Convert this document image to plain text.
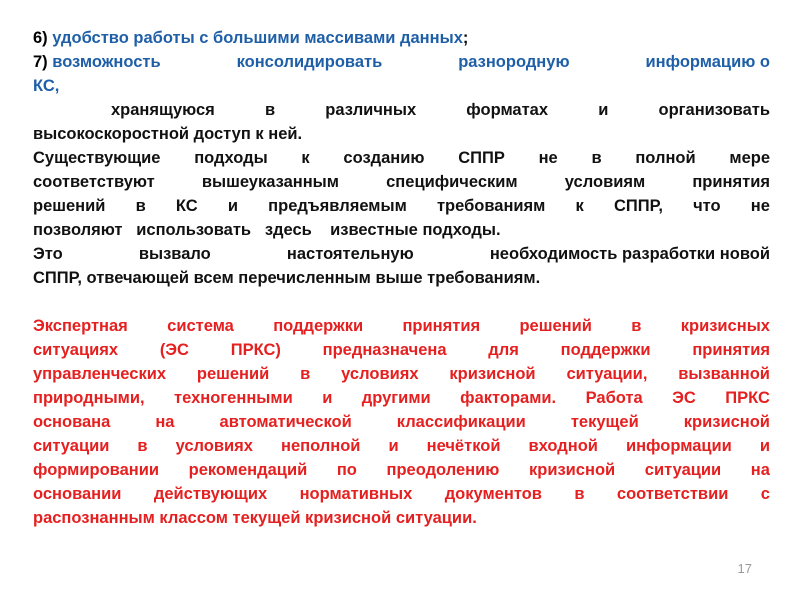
6) удобство работы с большими массивами данных;
7) возможность	консолидировать	разнородную	информацию о
КС,
хранящуюся	в	различных	форматах	и	организовать
высокоскоростной доступ к ней.
Существующие подходы к созданию СППР не в полной мере
соответствуют	вышеуказанным	специфическим	условиям	принятия
решений в КС и предъявляемым требованиям к СППР, что не
позволяют использовать здесь известные подходы.
Это	вызвало	настоятельную	необходимость разработки новой
СППР, отвечающей всем перечисленным выше требованиям.
Экспертная система поддержки принятия решений в кризисных
ситуациях	(ЭС	ПРКС)	предназначена	для	поддержки	принятия
управленческих решений в условиях кризисной ситуации, вызванной
природными, техногенными и другими факторами. Работа ЭС ПРКС
основана	на	автоматической	классификации	текущей	кризисной
ситуации в условиях неполной и нечёткой входной информации и
формировании рекомендаций по преодолению кризисной ситуации на
основании действующих нормативных документов в соответствии с
распознанным классом текущей кризисной ситуации.
17
